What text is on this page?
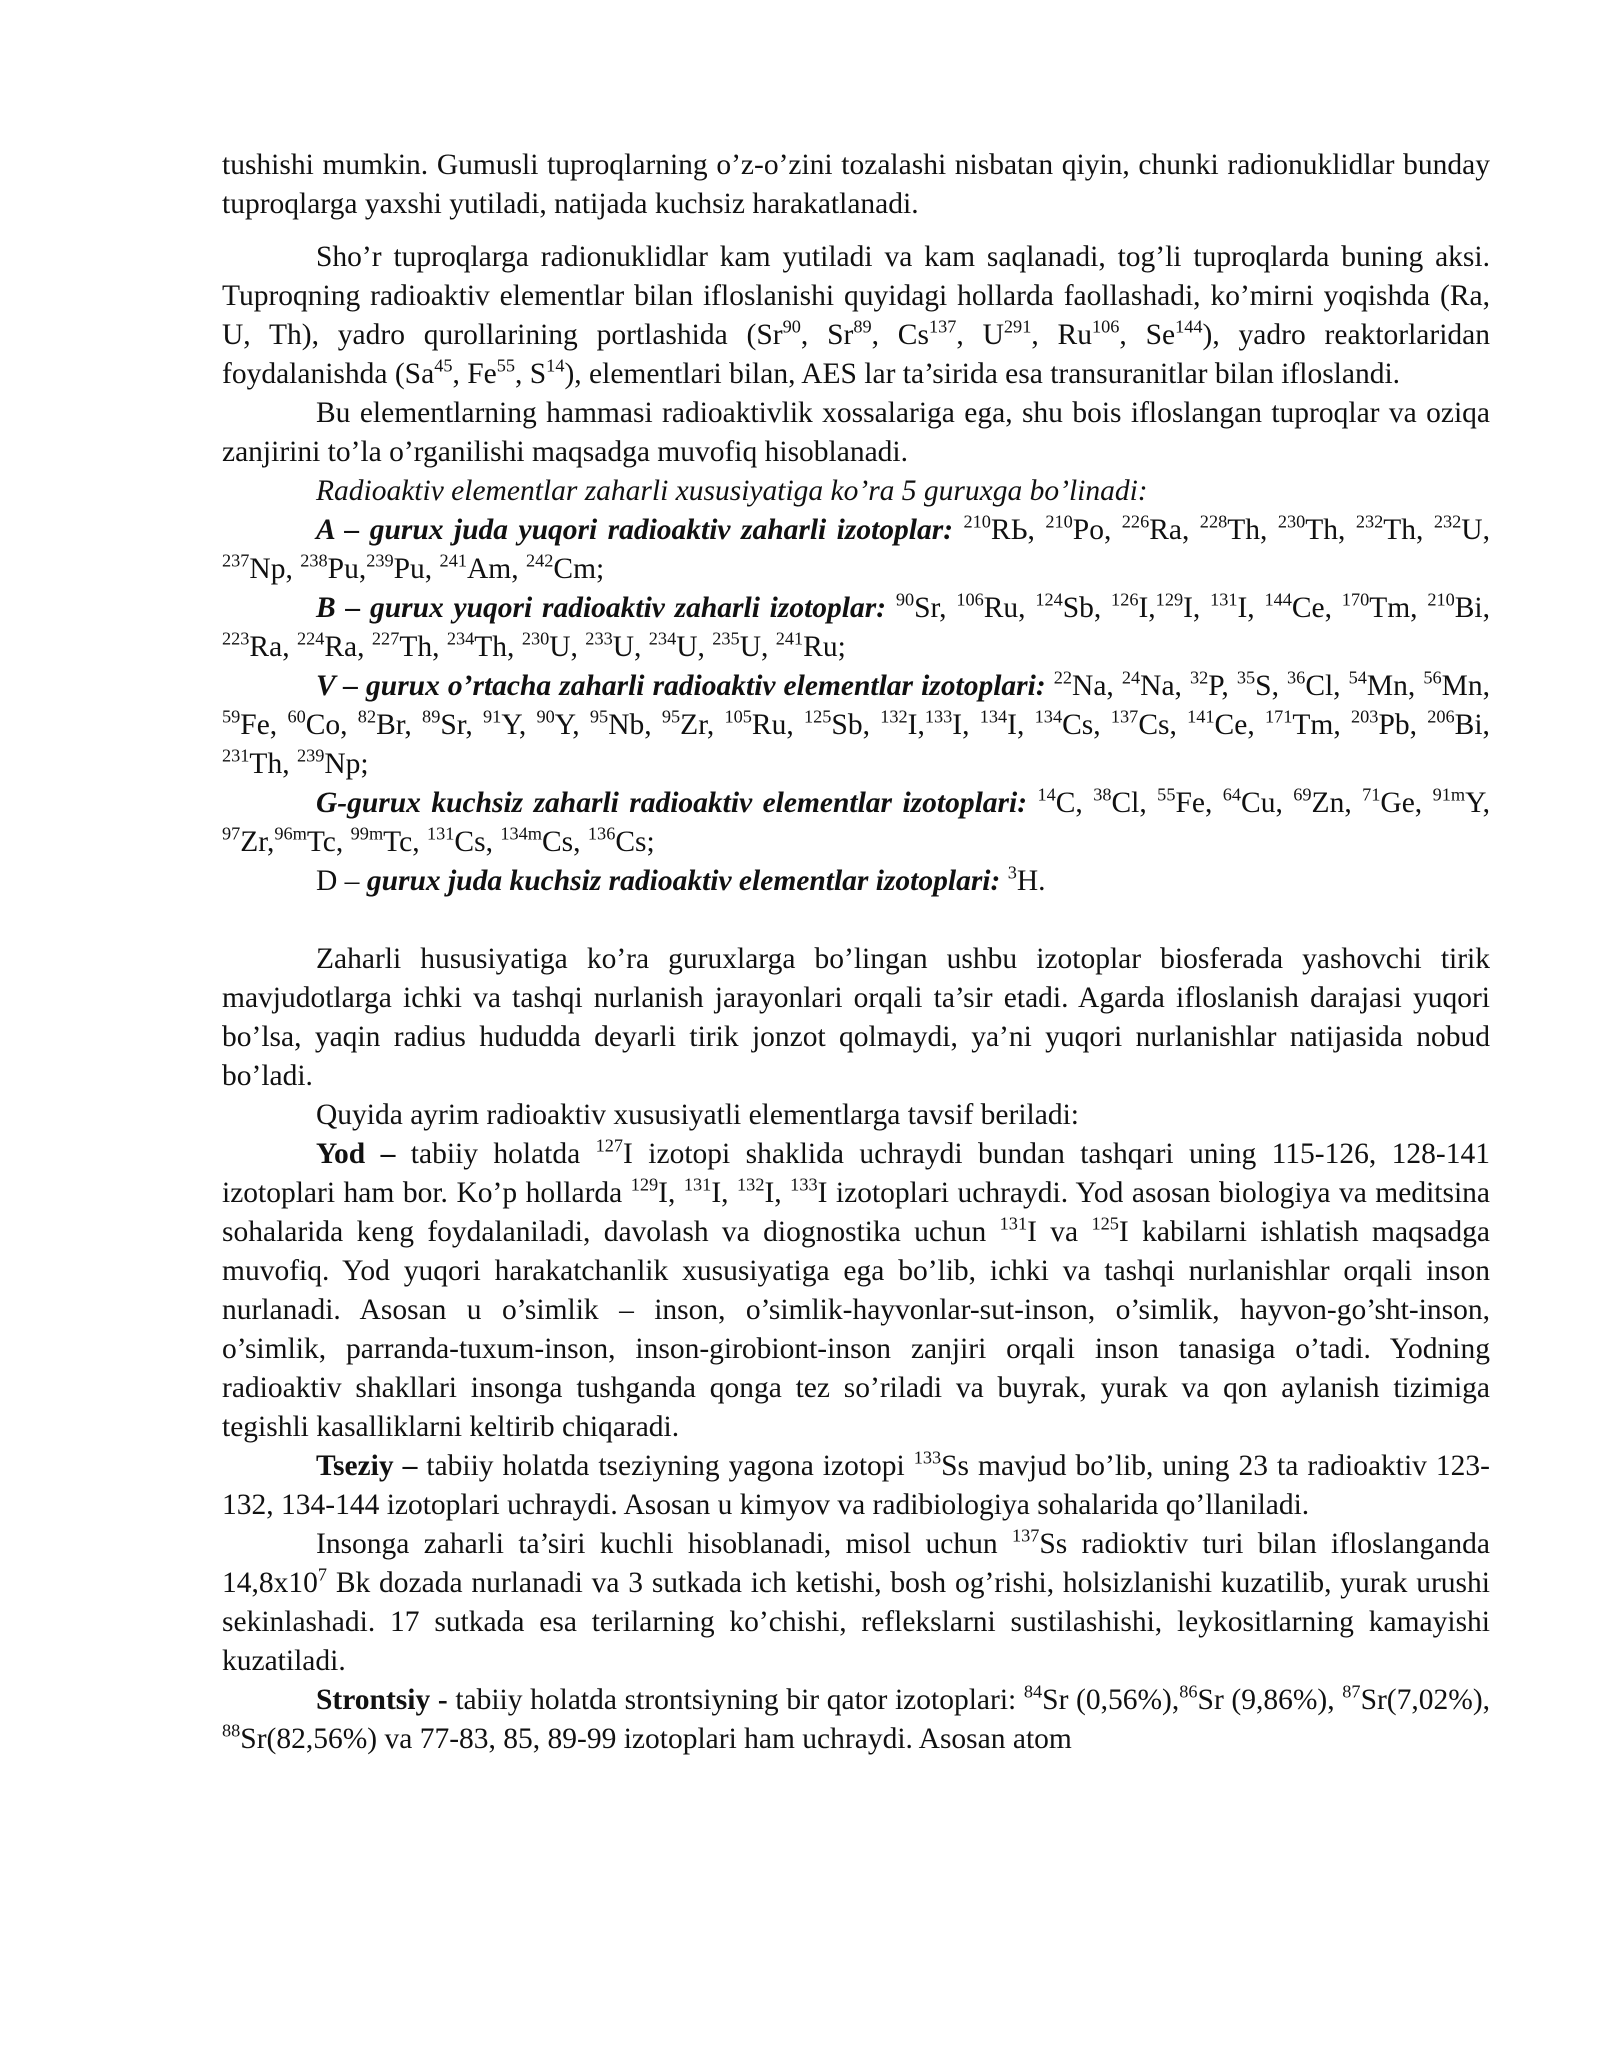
tushishi mumkin. Gumusli tuproqlarning o’z-o’zini tozalashi nisbatan qiyin, chunki radionuklidlar bunday tuproqlarga yaxshi yutiladi, natijada kuchsiz harakatlanadi.

Sho’r tuproqlarga radionuklidlar kam yutiladi va kam saqlanadi, tog’li tuproqlarda buning aksi. Tuproqning radioaktiv elementlar bilan ifloslanishi quyidagi hollarda faollashadi, ko’mirni yoqishda (Ra, U, Th), yadro qurollarining portlashida (Sr$^{90}$, Sr$^{89}$, Cs$^{137}$, $U^{291}$, Ru$^{106}$, Se$^{144}$), yadro reaktorlaridan foydalanishda (Sa$^{45}$, Fe$^{55}$, $S^{14}$), elementlari bilan, AES lar ta’sirida esa transuranitlar bilan ifloslandi.

Bu elementlarning hammasi radioaktivlik xossalariga ega, shu bois ifloslangan tuproqlar va oziqa zanjirini to’la o’rganilishi maqsadga muvofiq hisoblanadi.

Radioaktiv elementlar zaharli xususiyatiga ko’ra 5 guruxga bo’linadi:

A – gurux juda yuqori radioaktiv zaharli izotoplar: $^{210}$RЬ, $^{210}$Po, $^{226}$Ra, $^{228}$Th, $^{230}$Th, $^{232}$Th, $^{232}$U, $^{237}$Np, $^{238}$Pu,$^{239}$Pu, $^{241}$Am, $^{242}$Cm;

B – gurux yuqori radioaktiv zaharli izotoplar: $^{90}$Sr, $^{106}$Ru, $^{124}$Sb, $^{126}$I,$^{129}$I, $^{131}$I, $^{144}$Ce, $^{170}$Tm, $^{210}$Bi, $^{223}$Ra, $^{224}$Ra, $^{227}$Th, $^{234}$Th, $^{230}$U, $^{233}$U, $^{234}$U, $^{235}$U, $^{241}$Ru;

V – gurux o’rtacha zaharli radioaktiv elementlar izotoplari: $^{22}$Na, $^{24}$Na, $^{32}$P, $^{35}$S, $^{36}$Cl, $^{54}$Mn, $^{56}$Mn, $^{59}$Fe, $^{60}$Co, $^{82}$Br, $^{89}$Sr, $^{91}$Y, $^{90}$Y, $^{95}$Nb, $^{95}$Zr, $^{105}$Ru, $^{125}$Sb, $^{132}$I,$^{133}$I, $^{134}$I, $^{134}$Cs, $^{137}$Cs, $^{141}$Ce, $^{171}$Tm, $^{203}$Pb, $^{206}$Bi, $^{231}$Th, $^{239}$Np;

G-gurux kuchsiz zaharli radioaktiv elementlar izotoplari: $^{14}$C, $^{38}$Cl, $^{55}$Fe, $^{64}$Cu, $^{69}$Zn, $^{71}$Ge, $^{91m}$Y, $^{97}$Zr,$^{96m}$Tc, $^{99m}$Tc, $^{131}$Cs, $^{134m}$Cs, $^{136}$Cs;

D – gurux juda kuchsiz radioaktiv elementlar izotoplari: $^3$H.

Zaharli hususiyatiga ko’ra guruxlarga bo’lingan ushbu izotoplar biosferada yashovchi tirik mavjudotlarga ichki va tashqi nurlanish jarayonlari orqali ta’sir etadi. Agarda ifloslanish darajasi yuqori bo’lsa, yaqin radius hududda deyarli tirik jonzot qolmaydi, ya’ni yuqori nurlanishlar natijasida nobud bo’ladi.

Quyida ayrim radioaktiv xususiyatli elementlarga tavsif beriladi:

Yod – tabiiy holatda $^{127}$I izotopi shaklida uchraydi bundan tashqari uning 115-126, 128-141 izotoplari ham bor. Ko’p hollarda $^{129}$I, $^{131}$I, $^{132}$I, $^{133}$I izotoplari uchraydi. Yod asosan biologiya va meditsina sohalarida keng foydalaniladi, davolash va diognostika uchun $^{131}$I va $^{125}$I kabilarni ishlatish maqsadga muvofiq. Yod yuqori harakatchanlik xususiyatiga ega bo’lib, ichki va tashqi nurlanishlar orqali inson nurlanadi. Asosan u o’simlik – inson, o’simlik-hayvonlar-sut-inson, o’simlik, hayvon-go’sht-inson, o’simlik, parranda-tuxum-inson, inson-girobiont-inson zanjiri orqali inson tanasiga o’tadi. Yodning radioaktiv shakllari insonga tushganda qonga tez so’riladi va buyrak, yurak va qon aylanish tizimiga tegishli kasalliklarni keltirib chiqaradi.

Tseziy – tabiiy holatda tseziyning yagona izotopi $^{133}$Ss mavjud bo’lib, uning 23 ta radioaktiv 123-132, 134-144 izotoplari uchraydi. Asosan u kimyov va radibiologiya sohalarida qo’llaniladi.

Insonga zaharli ta’siri kuchli hisoblanadi, misol uchun $^{137}$Ss radioktiv turi bilan ifloslanganda $14,8x10^7$ Bk dozada nurlanadi va 3 sutkada ich ketishi, bosh og’rishi, holsizlanishi kuzatilib, yurak urushi sekinlashadi. 17 sutkada esa terilarning ko’chishi, reflekslarni sustilashishi, leykositlarning kamayishi kuzatiladi.

Strontsiy - tabiiy holatda strontsiyning bir qator izotoplari: $^{84}$Sr (0,56%),$^{86}$Sr (9,86%), $^{87}$Sr(7,02%), $^{88}$Sr(82,56%) va 77-83, 85, 89-99 izotoplari ham uchraydi. Asosan atom
